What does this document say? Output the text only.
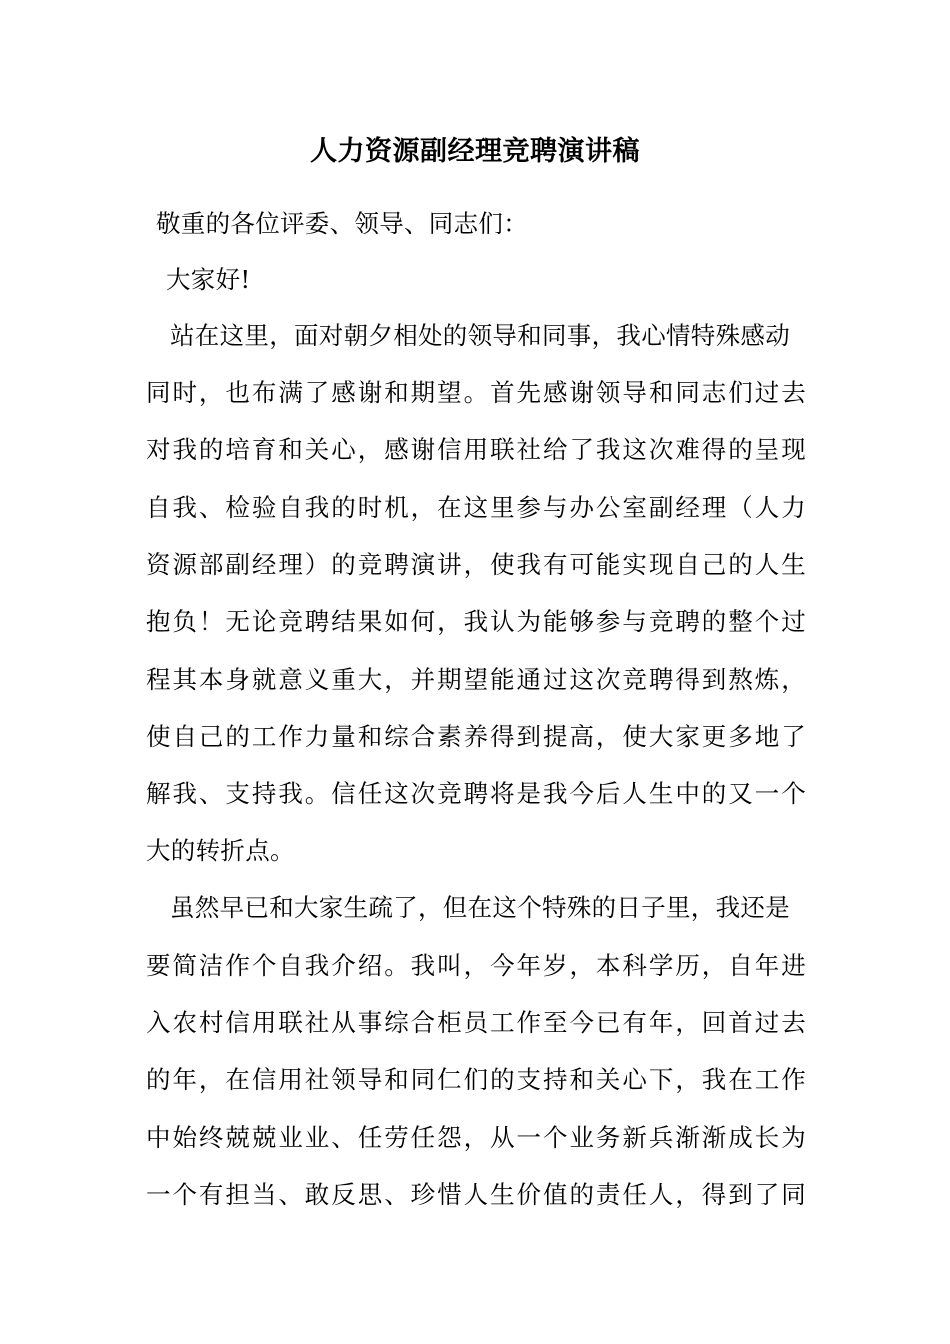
人力资源副经理竞聘演讲稿
敬重的各位评委、领导、同志们：
大家好!
站在这里，面对朝夕相处的领导和同事，我心情特殊感动
同时，也布满了感谢和期望。首先感谢领导和同志们过去
对我的培育和关心，感谢信用联社给了我这次难得的呈现
自我、检验自我的时机，在这里参与办公室副经理（人力
资源部副经理）的竞聘演讲，使我有可能实现自己的人生
抱负！无论竞聘结果如何，我认为能够参与竞聘的整个过
程其本身就意义重大，并期望能通过这次竞聘得到熬炼，
使自己的工作力量和综合素养得到提高，使大家更多地了
解我、支持我。信任这次竞聘将是我今后人生中的又一个
大的转折点。
虽然早已和大家生疏了，但在这个特殊的日子里，我还是
要简洁作个自我介绍。我叫，今年岁，本科学历，自年进
入农村信用联社从事综合柜员工作至今已有年，回首过去
的年，在信用社领导和同仁们的支持和关心下，我在工作
中始终兢兢业业、任劳任怨，从一个业务新兵渐渐成长为
一个有担当、敢反思、珍惜人生价值的责任人，得到了同
